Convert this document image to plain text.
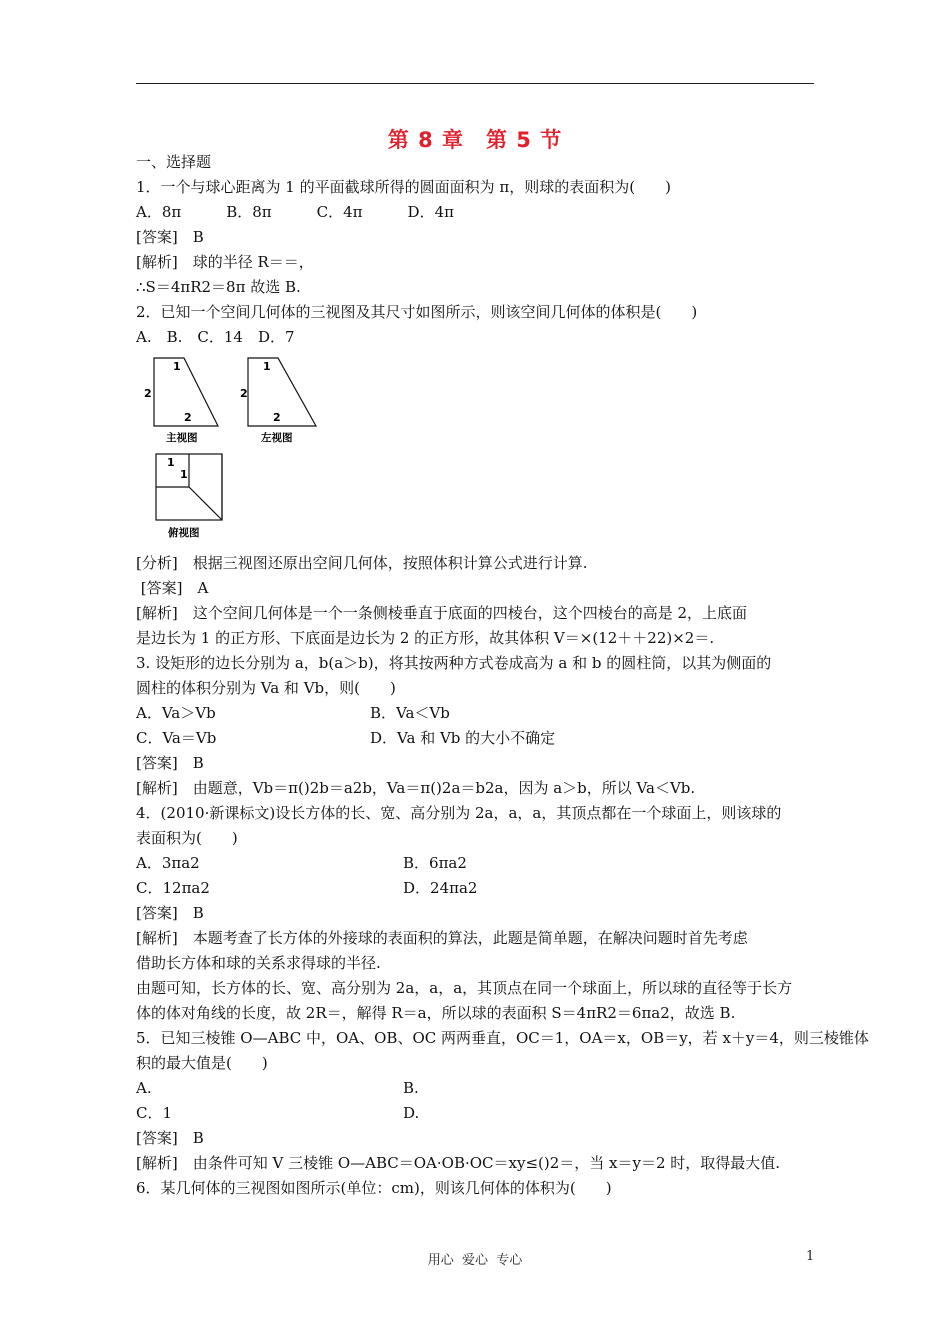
第 8 章　第 5 节
一、选择题
1．一个与球心距离为 1 的平面截球所得的圆面面积为 π，则球的表面积为(　　)
A．8π　　　B．8π　　　C．4π　　　D．4π
[答案]　B
[解析]　球的半径 R＝＝，
∴S＝4πR2＝8π 故选 B.
2．已知一个空间几何体的三视图及其尺寸如图所示，则该空间几何体的体积是(　　)
A.　B.　C．14　D．7
1
2
2
主视图
1
2
2
左视图
1
1
俯视图
[分析]　根据三视图还原出空间几何体，按照体积计算公式进行计算.
[答案]　A
[解析]　这个空间几何体是一个一条侧棱垂直于底面的四棱台，这个四棱台的高是 2，上底面
是边长为 1 的正方形、下底面是边长为 2 的正方形，故其体积 V＝×(12＋＋22)×2＝.
3. 设矩形的边长分别为 a，b(a＞b)，将其按两种方式卷成高为 a 和 b 的圆柱筒，以其为侧面的
圆柱的体积分别为 Va 和 Vb，则(　　)
A．Va＞Vb	B．Va＜Vb
C．Va＝Vb	D．Va 和 Vb 的大小不确定
[答案]　B
[解析]　由题意，Vb＝π()2b＝a2b，Va＝π()2a＝b2a，因为 a＞b，所以 Va＜Vb.
4．(2010·新课标文)设长方体的长、宽、高分别为 2a，a，a，其顶点都在一个球面上，则该球的
表面积为(　　)
A．3πa2	B．6πa2
C．12πa2	D．24πa2
[答案]　B
[解析]　本题考查了长方体的外接球的表面积的算法，此题是简单题，在解决问题时首先考虑
借助长方体和球的关系求得球的半径.
由题可知，长方体的长、宽、高分别为 2a，a，a，其顶点在同一个球面上，所以球的直径等于长方
体的体对角线的长度，故 2R＝，解得 R＝a，所以球的表面积 S＝4πR2＝6πa2，故选 B.
5．已知三棱锥 O—ABC 中，OA、OB、OC 两两垂直，OC＝1，OA＝x，OB＝y，若 x＋y＝4，则三棱锥体
积的最大值是(　　)
A.	B.
C．1	D.
[答案]　B
[解析]　由条件可知 V 三棱锥 O—ABC＝OA·OB·OC＝xy≤()2＝，当 x＝y＝2 时，取得最大值.
6．某几何体的三视图如图所示(单位：cm)，则该几何体的体积为(　　)
用心  爱心  专心	1
